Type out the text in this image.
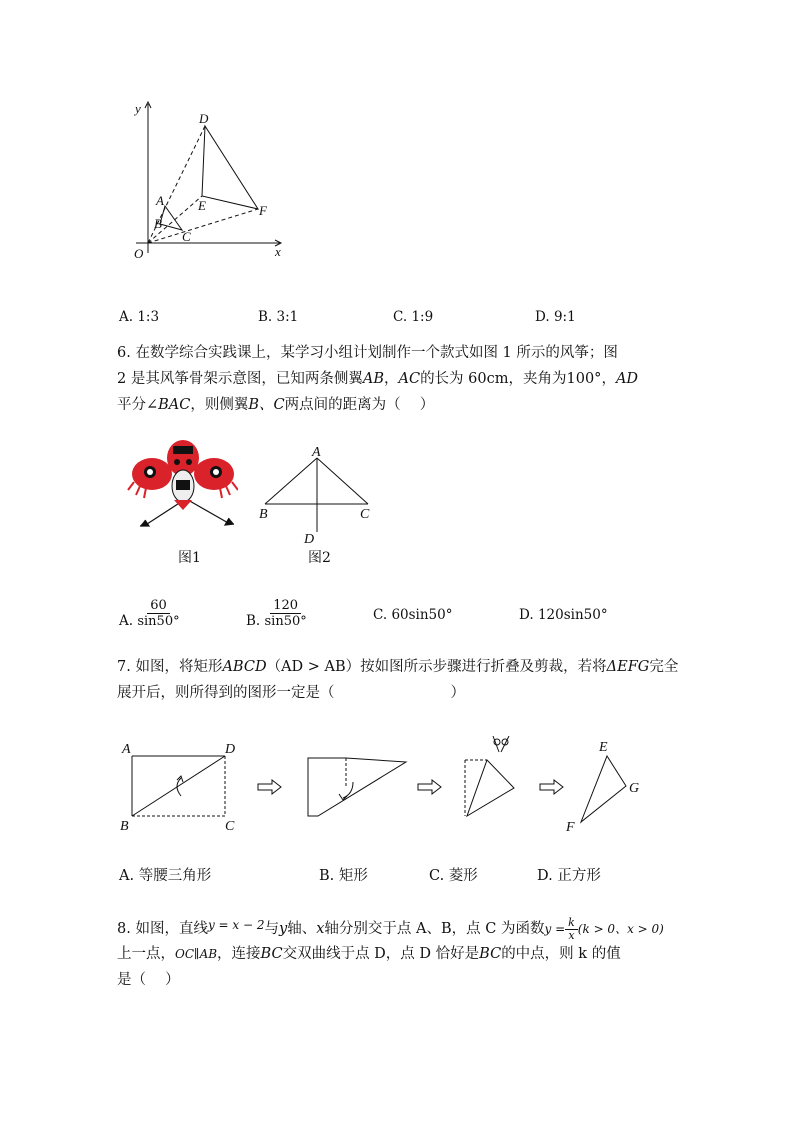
y
x
O
D
A	E	F
B
C
A. 1:3	B. 3:1	C. 1:9	D. 9:1
6. 在数学综合实践课上，某学习小组计划制作一个款式如图 1 所示的风筝；图
2 是其风筝骨架示意图，已知两条侧翼AB，AC的长为 60cm，夹角为100°，AD
平分∠BAC，则侧翼B、C两点间的距离为（　 ）
图1
A
B	C
D
图2
A. $\frac{60}{\sin 50^\circ}$	B. $\frac{120}{\sin 50^\circ}$	C. 60sin50°	D. 120sin50°
7. 如图，将矩形ABCD（AD > AB）按如图所示步骤进行折叠及剪裁，若将ΔEFG完全
展开后，则所得到的图形一定是（　　　　　　　　）
A	D
B	C
E
G
F
A. 等腰三角形	B. 矩形	C. 菱形	D. 正方形
8. 如图，直线$^{y = x - 2}$与y轴、x轴分别交于点 A、B，点 C 为函数$y = \frac{k}{x} (k > 0$、x > 0)
上一点，OC∥AB，连接BC交双曲线于点 D，点 D 恰好是BC的中点，则 k 的值
是（　 ）
